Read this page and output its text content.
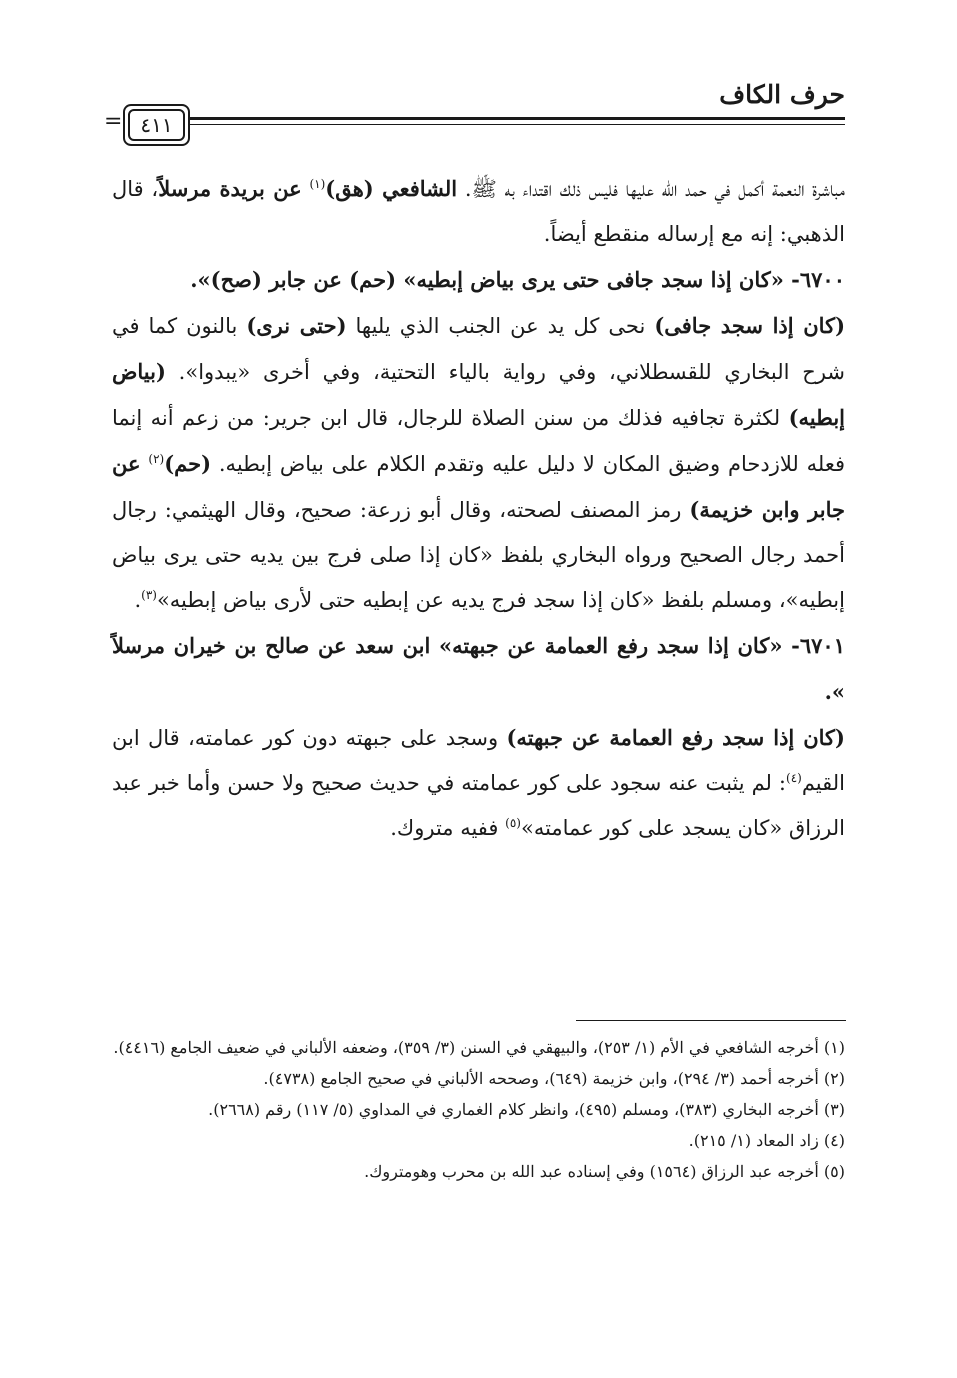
حرف الكاف
٤١١
=

مباشرة النعمة أكمل في حمد الله عليها فليس ذلك اقتداء به ﷺ. الشافعي (هق)$^{(١)}$ عن بريدة مرسلاً، قال الذهبي: إنه مع إرساله منقطع أيضاً.

٦٧٠٠- «كان إذا سجد جافى حتى يرى بياض إبطيه» (حم) عن جابر (صح)».

(كان إذا سجد جافى) نحى كل يد عن الجنب الذي يليها (حتى نرى) بالنون كما في شرح البخاري للقسطلاني، وفي رواية بالياء التحتية، وفي أخرى «يبدوا». (بياض إبطيه) لكثرة تجافيه فذلك من سنن الصلاة للرجال، قال ابن جرير: من زعم أنه إنما فعله للازدحام وضيق المكان لا دليل عليه وتقدم الكلام على بياض إبطيه. (حم)$^{(٢)}$ عن جابر وابن خزيمة) رمز المصنف لصحته، وقال أبو زرعة: صحيح، وقال الهيثمي: رجال أحمد رجال الصحيح ورواه البخاري بلفظ «كان إذا صلى فرج بين يديه حتى يرى بياض إبطيه»، ومسلم بلفظ «كان إذا سجد فرج يديه عن إبطيه حتى لأرى بياض إبطيه»$^{(٣)}$.

٦٧٠١- «كان إذا سجد رفع العمامة عن جبهته» ابن سعد عن صالح بن خيران مرسلاً ».

(كان إذا سجد رفع العمامة عن جبهته) وسجد على جبهته دون كور عمامته، قال ابن القيم$^{(٤)}$: لم يثبت عنه سجود على كور عمامته في حديث صحيح ولا حسن وأما خبر عبد الرزاق «كان يسجد على كور عمامته»$^{(٥)}$ ففيه متروك.

(١) أخرجه الشافعي في الأم (١/ ٢٥٣)، والبيهقي في السنن (٣/ ٣٥٩)، وضعفه الألباني في ضعيف الجامع (٤٤١٦).

(٢) أخرجه أحمد (٣/ ٢٩٤)، وابن خزيمة (٦٤٩)، وصححه الألباني في صحيح الجامع (٤٧٣٨).

(٣) أخرجه البخاري (٣٨٣)، ومسلم (٤٩٥)، وانظر كلام الغماري في المداوي (٥/ ١١٧) رقم (٢٦٦٨).

(٤) زاد المعاد (١/ ٢١٥).

(٥) أخرجه عبد الرزاق (١٥٦٤) وفي إسناده عبد الله بن محرب وهومتروك.
